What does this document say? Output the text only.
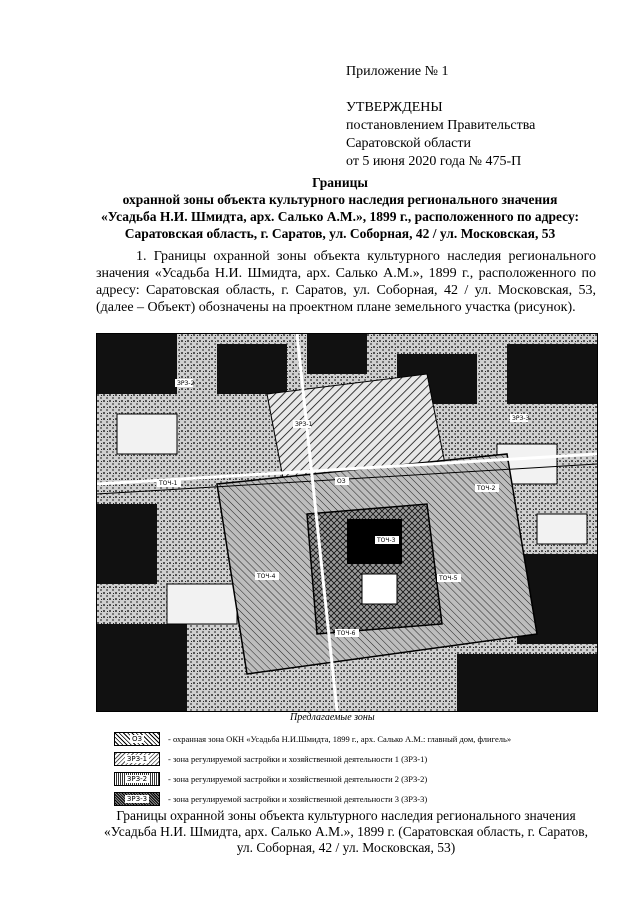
Приложение № 1
УТВЕРЖДЕНЫ
постановлением Правительства
Саратовской области
от 5 июня 2020 года № 475-П
Границы
охранной зоны объекта культурного наследия регионального значения
«Усадьба Н.И. Шмидта, арх. Салько А.М.», 1899 г., расположенного по адресу:
Саратовская область, г. Саратов, ул. Соборная, 42 / ул. Московская, 53
1. Границы охранной зоны объекта культурного наследия регионального значения «Усадьба Н.И. Шмидта, арх. Салько А.М.», 1899 г., расположенного по адресу: Саратовская область, г. Саратов, ул. Соборная, 42 / ул. Московская, 53, (далее – Объект) обозначены на проектном плане земельного участка (рисунок).
ЗРЗ-1
ТОЧ-1
ТОЧ-2
ТОЧ-3
ТОЧ-4	ТОЧ-5
ТОЧ-6
ОЗ
ЗРЗ-2
ЗРЗ-3
Предлагаемые зоны
ОЗ	- охранная зона ОКН «Усадьба Н.И.Шмидта, 1899 г., арх. Салько А.М.: главный дом, флигель»
ЗРЗ-1 - зона регулируемой застройки и хозяйственной деятельности 1 (ЗРЗ-1)
ЗРЗ-2 - зона регулируемой застройки и хозяйственной деятельности 2 (ЗРЗ-2)
ЗРЗ-3 - зона регулируемой застройки и хозяйственной деятельности 3 (ЗРЗ-3)
Границы охранной зоны объекта культурного наследия регионального значения
«Усадьба Н.И. Шмидта, арх. Салько А.М.», 1899 г. (Саратовская область, г. Саратов,
ул. Соборная, 42 / ул. Московская, 53)
